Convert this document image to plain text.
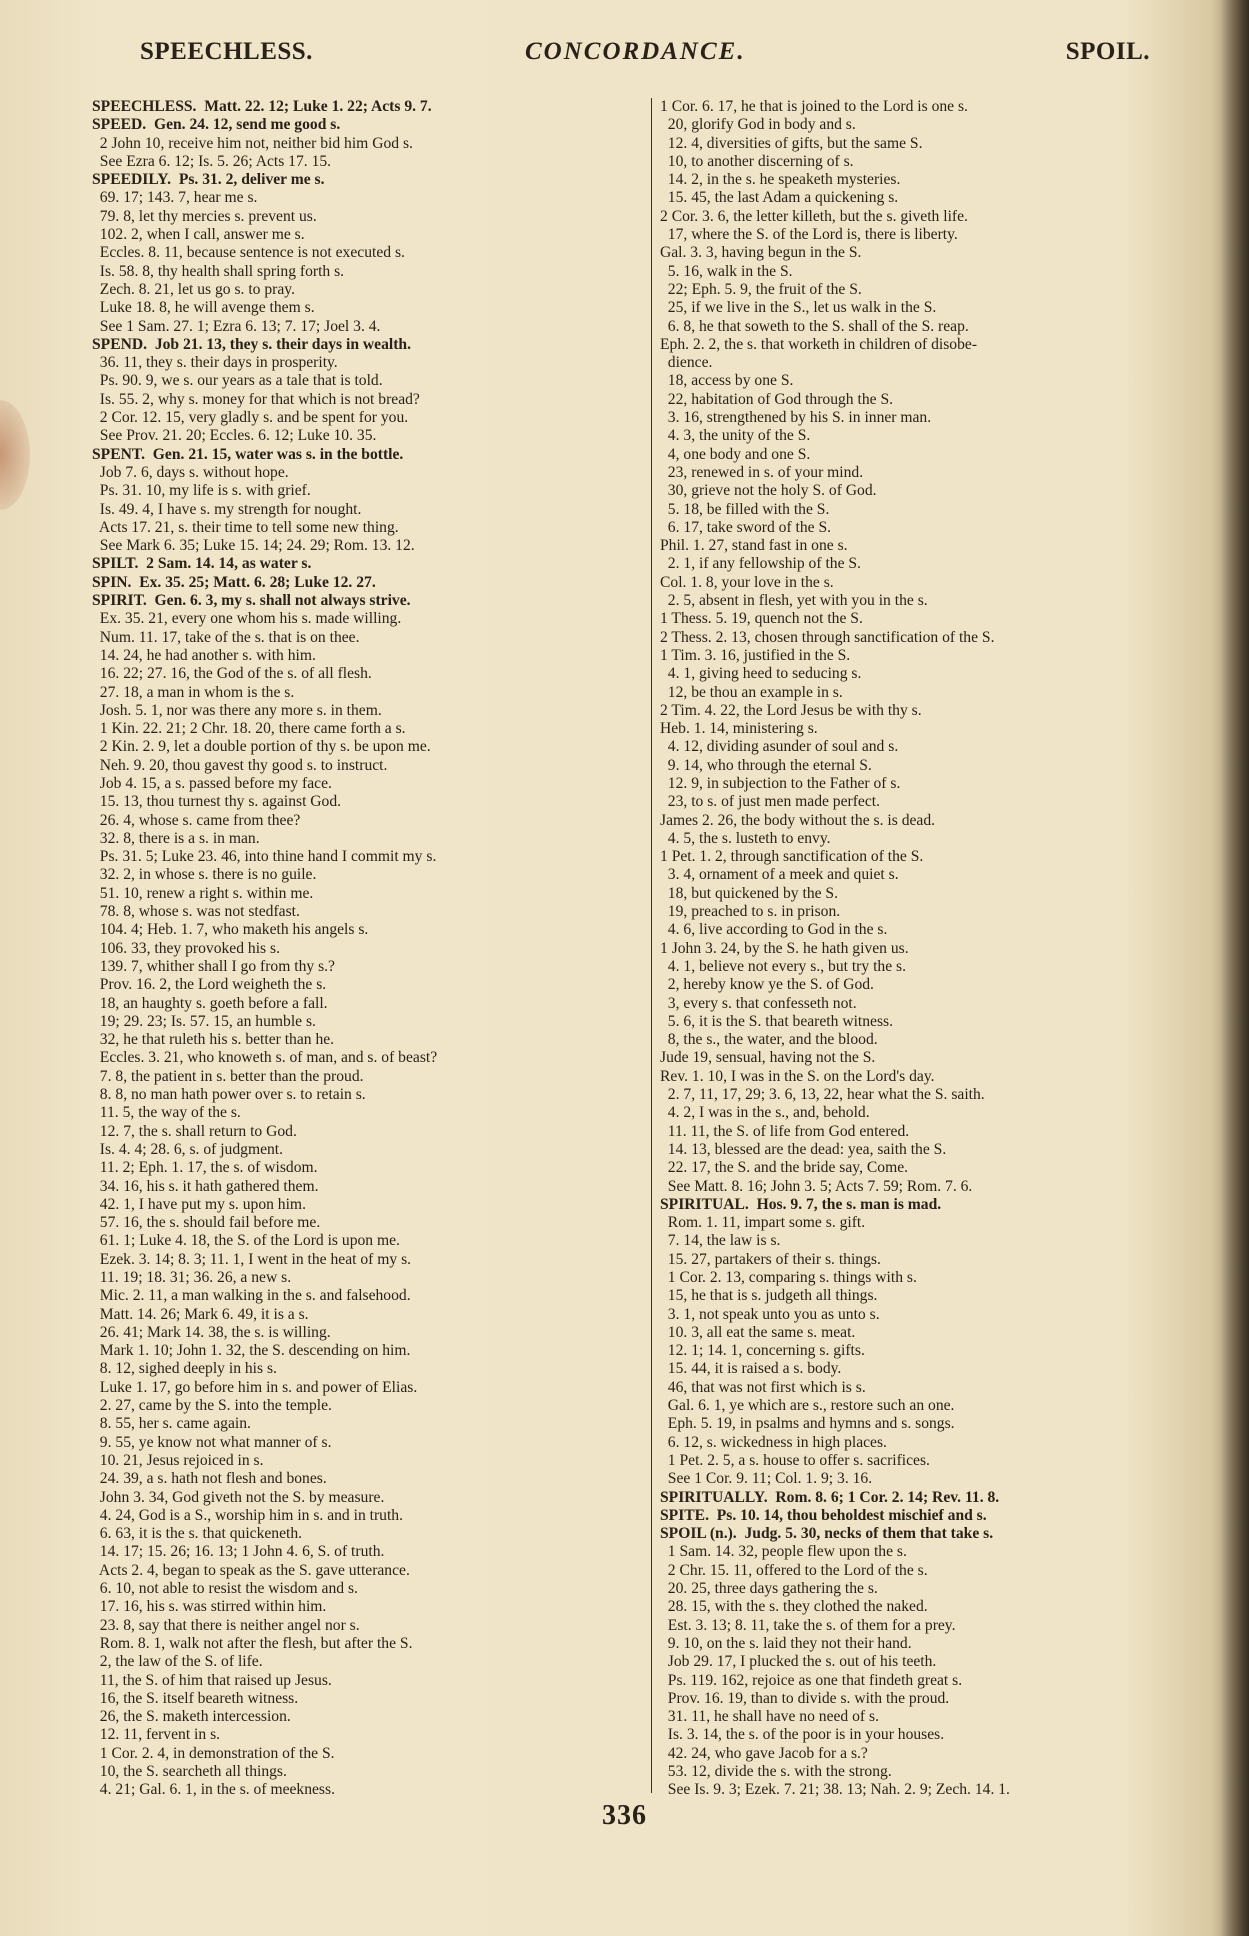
SPEECHLESS.	CONCORDANCE.	SPOIL.
SPEECHLESS.  Matt. 22. 12; Luke 1. 22; Acts 9. 7.
SPEED.  Gen. 24. 12, send me good s.
2 John 10, receive him not, neither bid him God s.
See Ezra 6. 12; Is. 5. 26; Acts 17. 15.
SPEEDILY.  Ps. 31. 2, deliver me s.
69. 17; 143. 7, hear me s.
79. 8, let thy mercies s. prevent us.
102. 2, when I call, answer me s.
Eccles. 8. 11, because sentence is not executed s.
Is. 58. 8, thy health shall spring forth s.
Zech. 8. 21, let us go s. to pray.
Luke 18. 8, he will avenge them s.
See 1 Sam. 27. 1; Ezra 6. 13; 7. 17; Joel 3. 4.
SPEND.  Job 21. 13, they s. their days in wealth.
36. 11, they s. their days in prosperity.
Ps. 90. 9, we s. our years as a tale that is told.
Is. 55. 2, why s. money for that which is not bread?
2 Cor. 12. 15, very gladly s. and be spent for you.
See Prov. 21. 20; Eccles. 6. 12; Luke 10. 35.
SPENT.  Gen. 21. 15, water was s. in the bottle.
Job 7. 6, days s. without hope.
Ps. 31. 10, my life is s. with grief.
Is. 49. 4, I have s. my strength for nought.
Acts 17. 21, s. their time to tell some new thing.
See Mark 6. 35; Luke 15. 14; 24. 29; Rom. 13. 12.
SPILT.  2 Sam. 14. 14, as water s.
SPIN.  Ex. 35. 25; Matt. 6. 28; Luke 12. 27.
SPIRIT.  Gen. 6. 3, my s. shall not always strive.
Ex. 35. 21, every one whom his s. made willing.
Num. 11. 17, take of the s. that is on thee.
14. 24, he had another s. with him.
16. 22; 27. 16, the God of the s. of all flesh.
27. 18, a man in whom is the s.
Josh. 5. 1, nor was there any more s. in them.
1 Kin. 22. 21; 2 Chr. 18. 20, there came forth a s.
2 Kin. 2. 9, let a double portion of thy s. be upon me.
Neh. 9. 20, thou gavest thy good s. to instruct.
Job 4. 15, a s. passed before my face.
15. 13, thou turnest thy s. against God.
26. 4, whose s. came from thee?
32. 8, there is a s. in man.
Ps. 31. 5; Luke 23. 46, into thine hand I commit my s.
32. 2, in whose s. there is no guile.
51. 10, renew a right s. within me.
78. 8, whose s. was not stedfast.
104. 4; Heb. 1. 7, who maketh his angels s.
106. 33, they provoked his s.
139. 7, whither shall I go from thy s.?
Prov. 16. 2, the Lord weigheth the s.
18, an haughty s. goeth before a fall.
19; 29. 23; Is. 57. 15, an humble s.
32, he that ruleth his s. better than he.
Eccles. 3. 21, who knoweth s. of man, and s. of beast?
7. 8, the patient in s. better than the proud.
8. 8, no man hath power over s. to retain s.
11. 5, the way of the s.
12. 7, the s. shall return to God.
Is. 4. 4; 28. 6, s. of judgment.
11. 2; Eph. 1. 17, the s. of wisdom.
34. 16, his s. it hath gathered them.
42. 1, I have put my s. upon him.
57. 16, the s. should fail before me.
61. 1; Luke 4. 18, the S. of the Lord is upon me.
Ezek. 3. 14; 8. 3; 11. 1, I went in the heat of my s.
11. 19; 18. 31; 36. 26, a new s.
Mic. 2. 11, a man walking in the s. and falsehood.
Matt. 14. 26; Mark 6. 49, it is a s.
26. 41; Mark 14. 38, the s. is willing.
Mark 1. 10; John 1. 32, the S. descending on him.
8. 12, sighed deeply in his s.
Luke 1. 17, go before him in s. and power of Elias.
2. 27, came by the S. into the temple.
8. 55, her s. came again.
9. 55, ye know not what manner of s.
10. 21, Jesus rejoiced in s.
24. 39, a s. hath not flesh and bones.
John 3. 34, God giveth not the S. by measure.
4. 24, God is a S., worship him in s. and in truth.
6. 63, it is the s. that quickeneth.
14. 17; 15. 26; 16. 13; 1 John 4. 6, S. of truth.
Acts 2. 4, began to speak as the S. gave utterance.
6. 10, not able to resist the wisdom and s.
17. 16, his s. was stirred within him.
23. 8, say that there is neither angel nor s.
Rom. 8. 1, walk not after the flesh, but after the S.
2, the law of the S. of life.
11, the S. of him that raised up Jesus.
16, the S. itself beareth witness.
26, the S. maketh intercession.
12. 11, fervent in s.
1 Cor. 2. 4, in demonstration of the S.
10, the S. searcheth all things.
4. 21; Gal. 6. 1, in the s. of meekness.
1 Cor. 6. 17, he that is joined to the Lord is one s.
20, glorify God in body and s.
12. 4, diversities of gifts, but the same S.
10, to another discerning of s.
14. 2, in the s. he speaketh mysteries.
15. 45, the last Adam a quickening s.
2 Cor. 3. 6, the letter killeth, but the s. giveth life.
17, where the S. of the Lord is, there is liberty.
Gal. 3. 3, having begun in the S.
5. 16, walk in the S.
22; Eph. 5. 9, the fruit of the S.
25, if we live in the S., let us walk in the S.
6. 8, he that soweth to the S. shall of the S. reap.
Eph. 2. 2, the s. that worketh in children of disobe-
dience.
18, access by one S.
22, habitation of God through the S.
3. 16, strengthened by his S. in inner man.
4. 3, the unity of the S.
4, one body and one S.
23, renewed in s. of your mind.
30, grieve not the holy S. of God.
5. 18, be filled with the S.
6. 17, take sword of the S.
Phil. 1. 27, stand fast in one s.
2. 1, if any fellowship of the S.
Col. 1. 8, your love in the s.
2. 5, absent in flesh, yet with you in the s.
1 Thess. 5. 19, quench not the S.
2 Thess. 2. 13, chosen through sanctification of the S.
1 Tim. 3. 16, justified in the S.
4. 1, giving heed to seducing s.
12, be thou an example in s.
2 Tim. 4. 22, the Lord Jesus be with thy s.
Heb. 1. 14, ministering s.
4. 12, dividing asunder of soul and s.
9. 14, who through the eternal S.
12. 9, in subjection to the Father of s.
23, to s. of just men made perfect.
James 2. 26, the body without the s. is dead.
4. 5, the s. lusteth to envy.
1 Pet. 1. 2, through sanctification of the S.
3. 4, ornament of a meek and quiet s.
18, but quickened by the S.
19, preached to s. in prison.
4. 6, live according to God in the s.
1 John 3. 24, by the S. he hath given us.
4. 1, believe not every s., but try the s.
2, hereby know ye the S. of God.
3, every s. that confesseth not.
5. 6, it is the S. that beareth witness.
8, the s., the water, and the blood.
Jude 19, sensual, having not the S.
Rev. 1. 10, I was in the S. on the Lord's day.
2. 7, 11, 17, 29; 3. 6, 13, 22, hear what the S. saith.
4. 2, I was in the s., and, behold.
11. 11, the S. of life from God entered.
14. 13, blessed are the dead: yea, saith the S.
22. 17, the S. and the bride say, Come.
See Matt. 8. 16; John 3. 5; Acts 7. 59; Rom. 7. 6.
SPIRITUAL.  Hos. 9. 7, the s. man is mad.
Rom. 1. 11, impart some s. gift.
7. 14, the law is s.
15. 27, partakers of their s. things.
1 Cor. 2. 13, comparing s. things with s.
15, he that is s. judgeth all things.
3. 1, not speak unto you as unto s.
10. 3, all eat the same s. meat.
12. 1; 14. 1, concerning s. gifts.
15. 44, it is raised a s. body.
46, that was not first which is s.
Gal. 6. 1, ye which are s., restore such an one.
Eph. 5. 19, in psalms and hymns and s. songs.
6. 12, s. wickedness in high places.
1 Pet. 2. 5, a s. house to offer s. sacrifices.
See 1 Cor. 9. 11; Col. 1. 9; 3. 16.
SPIRITUALLY.  Rom. 8. 6; 1 Cor. 2. 14; Rev. 11. 8.
SPITE.  Ps. 10. 14, thou beholdest mischief and s.
SPOIL (n.).  Judg. 5. 30, necks of them that take s.
1 Sam. 14. 32, people flew upon the s.
2 Chr. 15. 11, offered to the Lord of the s.
20. 25, three days gathering the s.
28. 15, with the s. they clothed the naked.
Est. 3. 13; 8. 11, take the s. of them for a prey.
9. 10, on the s. laid they not their hand.
Job 29. 17, I plucked the s. out of his teeth.
Ps. 119. 162, rejoice as one that findeth great s.
Prov. 16. 19, than to divide s. with the proud.
31. 11, he shall have no need of s.
Is. 3. 14, the s. of the poor is in your houses.
42. 24, who gave Jacob for a s.?
53. 12, divide the s. with the strong.
See Is. 9. 3; Ezek. 7. 21; 38. 13; Nah. 2. 9; Zech. 14. 1.
336
